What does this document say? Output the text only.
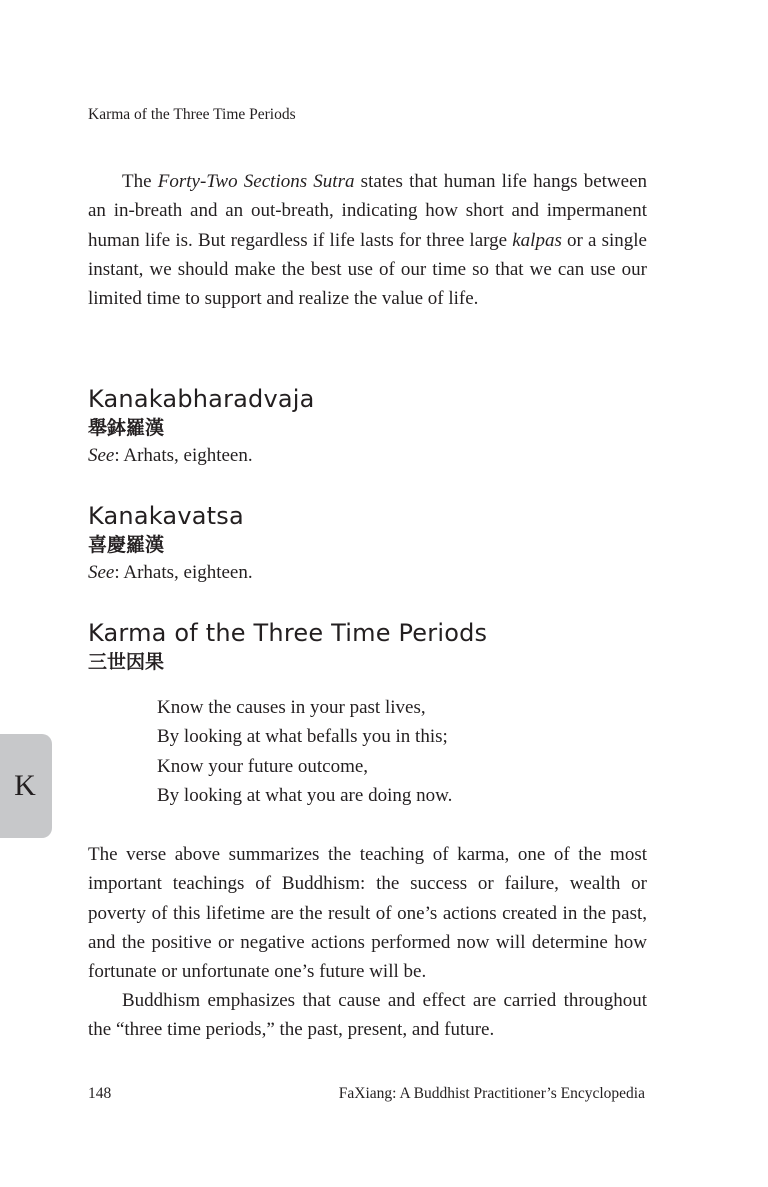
Karma of the Three Time Periods

The Forty-Two Sections Sutra states that human life hangs between an in-breath and an out-breath, indicating how short and impermanent human life is. But regardless if life lasts for three large kalpas or a single instant, we should make the best use of our time so that we can use our limited time to support and realize the value of life.

Kanakabharadvaja
舉鉢羅漢
See: Arhats, eighteen.
Kanakavatsa
喜慶羅漢
See: Arhats, eighteen.
Karma of the Three Time Periods
三世因果
Know the causes in your past lives,
By looking at what befalls you in this;
Know your future outcome,
By looking at what you are doing now.

The verse above summarizes the teaching of karma, one of the most important teachings of Buddhism: the success or failure, wealth or poverty of this lifetime are the result of one’s actions created in the past, and the positive or negative actions performed now will determine how fortunate or unfortunate one’s future will be.

Buddhism emphasizes that cause and effect are carried throughout the “three time periods,” the past, present, and future.

K
148	FaXiang: A Buddhist Practitioner’s Encyclopedia
